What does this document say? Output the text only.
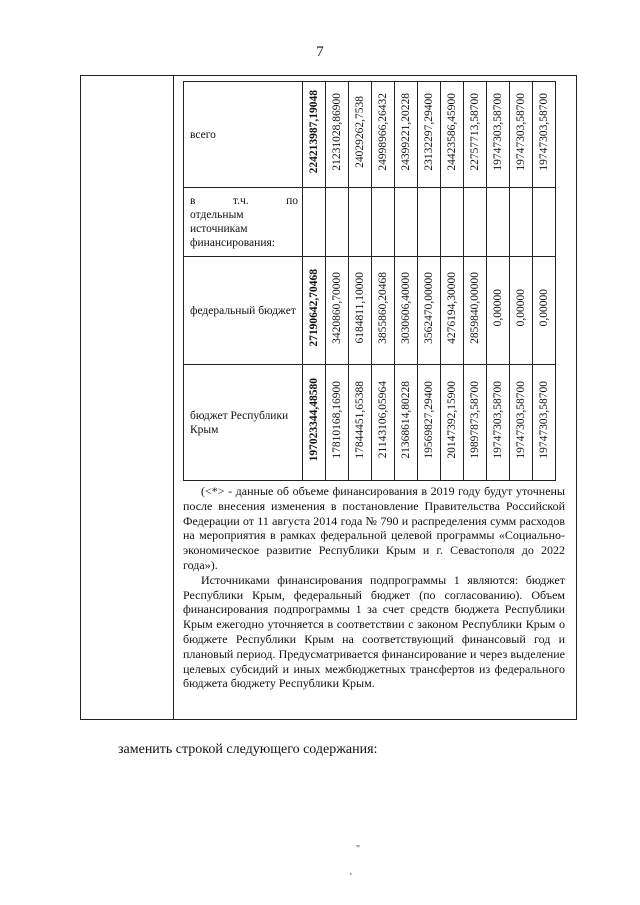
7
всего	224213987,19048	21231028,86900	24029262,7538	24998966,26432	24399221,20228	23132297,29400	24423586,45900	22757713,58700	19747303,58700	19747303,58700	19747303,58700

в т.ч. по
отдельным источникам финансирования:											

федеральный бюджет	27190642,70468	3420860,70000	6184811,10000	3855860,20468	3030606,40000	3562470,00000	4276194,30000	2859840,00000	0,00000	0,00000	0,00000
бюджет Республики Крым	197023344,48580	17810168,16900	17844451,65388	21143106,05964	21368614,80228	19569827,29400	20147392,15900	19897873,58700	19747303,58700	19747303,58700	19747303,58700

(<*> - данные об объеме финансирования в 2019 году будут уточнены после внесения изменения в постановление Правительства Российской Федерации от 11 августа 2014 года № 790 и распределения сумм расходов на мероприятия в рамках федеральной целевой программы «Социально-экономическое развитие Республики Крым и г. Севастополя до 2022 года»).

Источниками финансирования подпрограммы 1 являются: бюджет Республики Крым, федеральный бюджет (по согласованию). Объем финансирования подпрограммы 1 за счет средств бюджета Республики Крым ежегодно уточняется в соответствии с законом Республики Крым о бюджете Республики Крым на соответствующий финансовый год и плановый период. Предусматривается финансирование и через выделение целевых субсидий и иных межбюджетных трансфертов из федерального бюджета бюджету Республики Крым.

заменить строкой следующего содержания:
"
'
